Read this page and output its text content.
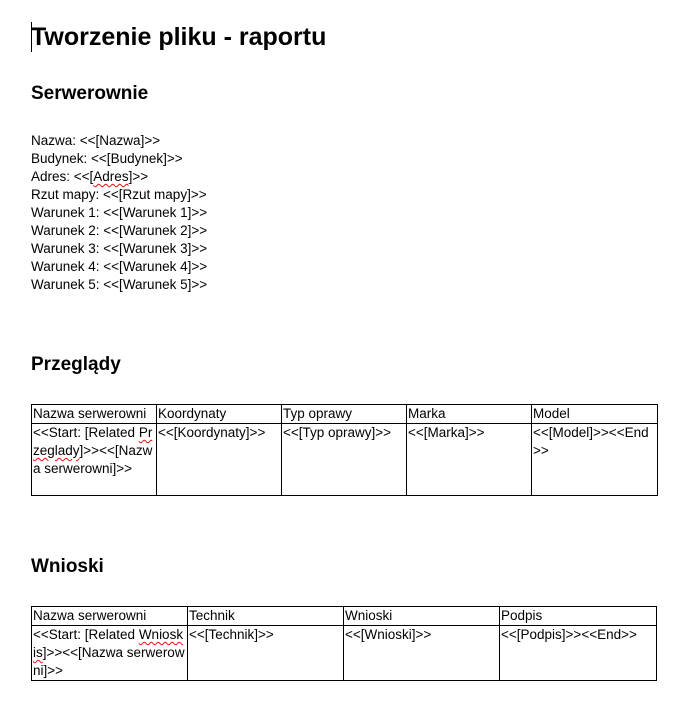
Tworzenie pliku - raportu
Serwerownie
Nazwa: <<[Nazwa]>>
Budynek: <<[Budynek]>>
Adres: <<[Adres]>>
Rzut mapy: <<[Rzut mapy]>>
Warunek 1: <<[Warunek 1]>>
Warunek 2: <<[Warunek 2]>>
Warunek 3: <<[Warunek 3]>>
Warunek 4: <<[Warunek 4]>>
Warunek 5: <<[Warunek 5]>>
Przeglądy
Nazwa serwerowni	Koordynaty	Typ oprawy	Marka	Model
<<Start: [Related Przeglady]>><<[Nazwa serwerowni]>>	<<[Koordynaty]>>	<<[Typ oprawy]>>	<<[Marka]>>	<<[Model]>><<End>>
Wnioski
Nazwa serwerowni	Technik	Wnioski	Podpis
<<Start: [Related Wnioskis]>><<[Nazwa serwerowni]>>	<<[Technik]>>	<<[Wnioski]>>	<<[Podpis]>><<End>>
